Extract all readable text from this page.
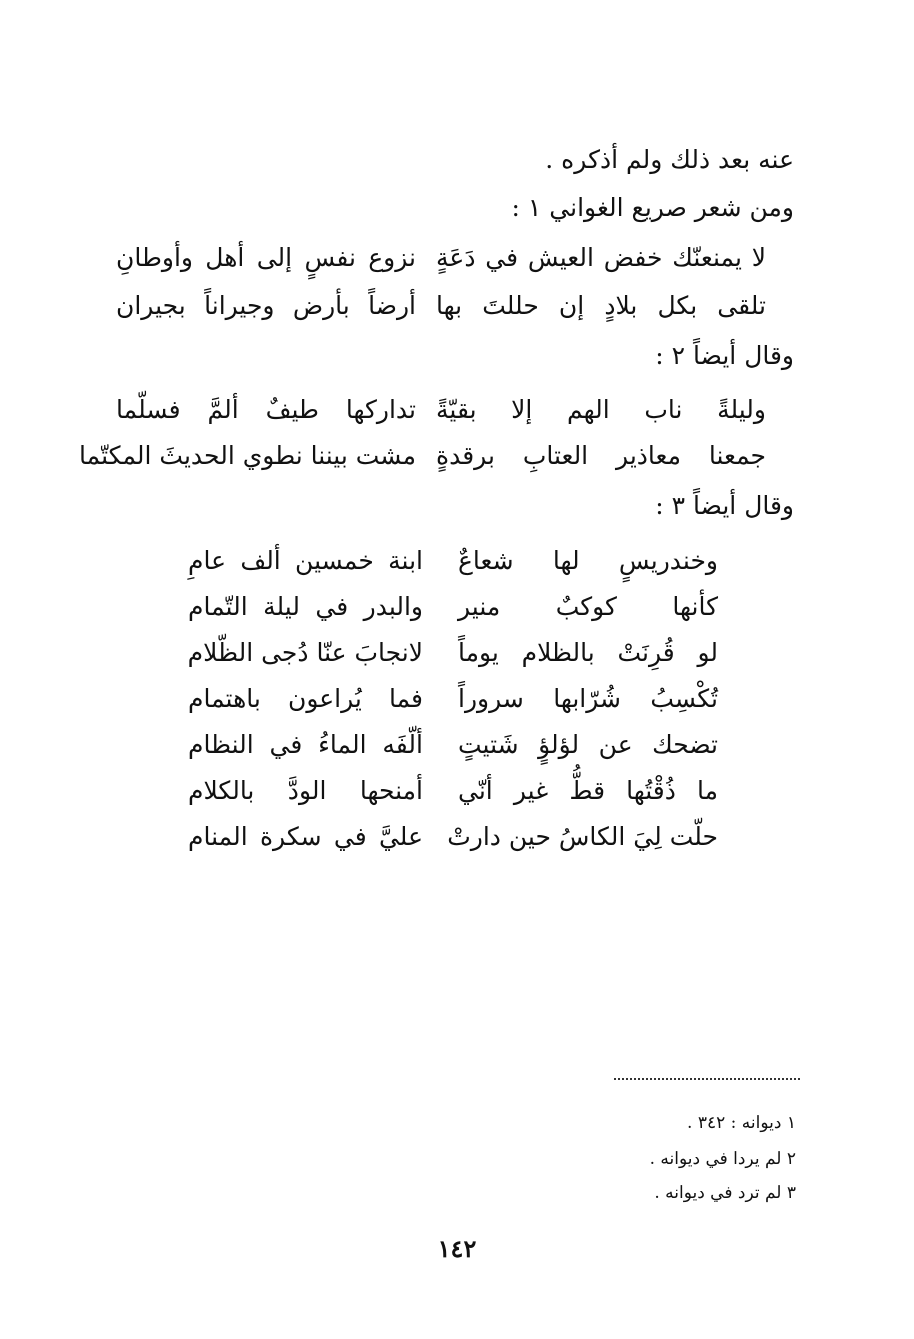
عنه بعد ذلك ولم أذكره .
ومن شعر صريع الغواني ١ :
لا يمنعنّك خفض العيش في دَعَةٍ
نزوع نفسٍ إلى أهل وأوطانِ
تلقى بكل بلادٍ إن حللتَ بها
أرضاً بأرض وجيراناً بجيران
وقال أيضاً ٢ :
وليلةً ناب الهم إلا بقيّةً
تداركها طيفٌ ألمَّ فسلّما
جمعنا معاذير العتابِ برقدةٍ
مشت بيننا نطوي الحديثَ المكتّما
وقال أيضاً ٣ :
وخندريسٍ لها شعاعٌ
ابنة خمسين ألف عامِ
كأنها كوكبٌ منير
والبدر في ليلة التّمام
لو قُرِنَتْ بالظلام يوماً
لانجابَ عنّا دُجى الظّلام
تُكْسِبُ شُرّابها سروراً
فما يُراعون باهتمام
تضحك عن لؤلؤٍ شَتيتٍ
ألّفَه الماءُ في النظام
ما ذُقْتُها قطُّ غير أنّي
أمنحها الودَّ بالكلام
حلّت لِيَ الكاسُ حين دارتْ
عليَّ في سكرة المنام
١ ديوانه : ٣٤٢ .
٢ لم يردا في ديوانه .
٣ لم ترد في ديوانه .
١٤٢
